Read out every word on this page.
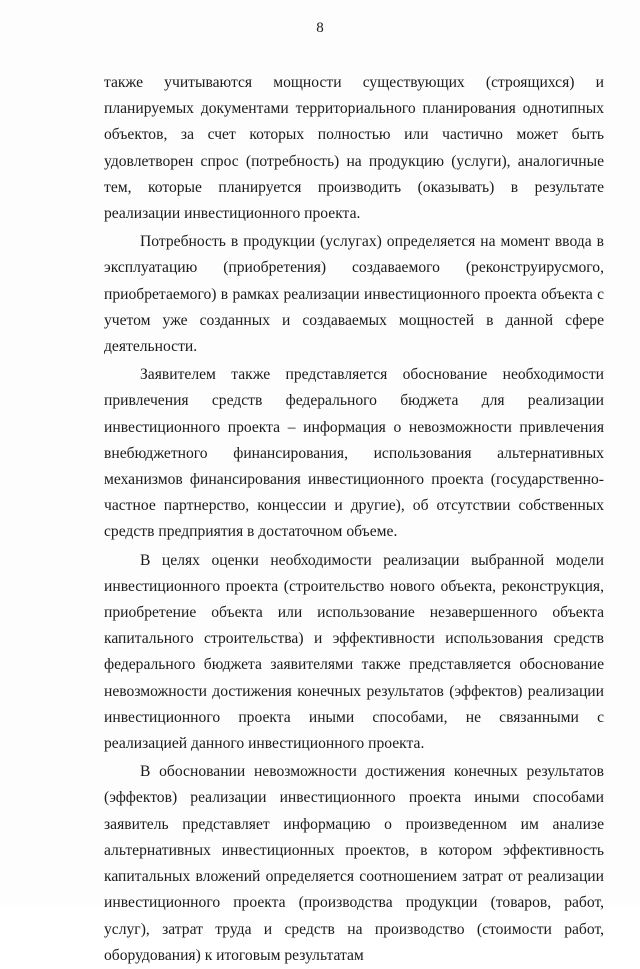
8

также учитываются мощности существующих (строящихся) и планируемых документами территориального планирования однотипных объектов, за счет которых полностью или частично может быть удовлетворен спрос (потребность) на продукцию (услуги), аналогичные тем, которые планируется производить (оказывать) в результате реализации инвестиционного проекта.

Потребность в продукции (услугах) определяется на момент ввода в эксплуатацию (приобретения) создаваемого (реконструирусмого, приобретаемого) в рамках реализации инвестиционного проекта объекта с учетом уже созданных и создаваемых мощностей в данной сфере деятельности.

Заявителем также представляется обоснование необходимости привлечения средств федерального бюджета для реализации инвестиционного проекта – информация о невозможности привлечения внебюджетного финансирования, использования альтернативных механизмов финансирования инвестиционного проекта (государственно-частное партнерство, концессии и другие), об отсутствии собственных средств предприятия в достаточном объеме.

В целях оценки необходимости реализации выбранной модели инвестиционного проекта (строительство нового объекта, реконструкция, приобретение объекта или использование незавершенного объекта капитального строительства) и эффективности использования средств федерального бюджета заявителями также представляется обоснование невозможности достижения конечных результатов (эффектов) реализации инвестиционного проекта иными способами, не связанными с реализацией данного инвестиционного проекта.

В обосновании невозможности достижения конечных результатов (эффектов) реализации инвестиционного проекта иными способами заявитель представляет информацию о произведенном им анализе альтернативных инвестиционных проектов, в котором эффективность капитальных вложений определяется соотношением затрат от реализации инвестиционного проекта (производства продукции (товаров, работ, услуг), затрат труда и средств на производство (стоимости работ, оборудования) к итоговым результатам
